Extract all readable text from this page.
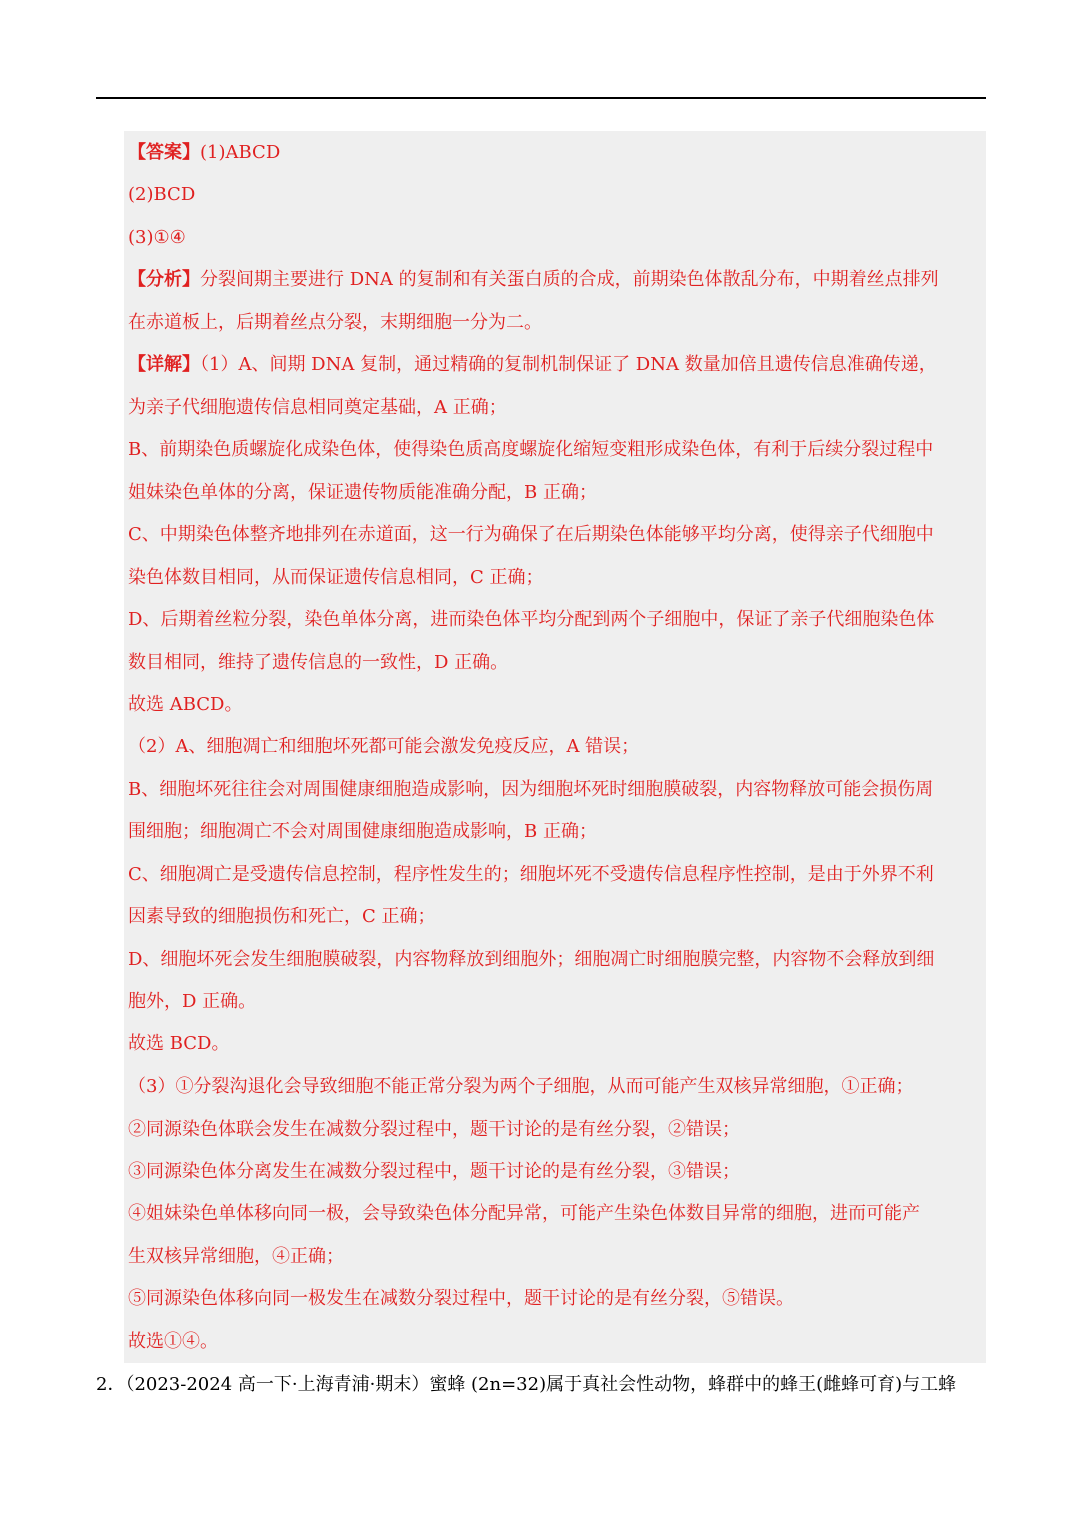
【答案】(1)ABCD
(2)BCD
(3)①④
【分析】分裂间期主要进行 DNA 的复制和有关蛋白质的合成，前期染色体散乱分布，中期着丝点排列
在赤道板上，后期着丝点分裂，末期细胞一分为二。
【详解】（1）A、间期 DNA 复制，通过精确的复制机制保证了 DNA 数量加倍且遗传信息准确传递，
为亲子代细胞遗传信息相同奠定基础，A 正确；
B、前期染色质螺旋化成染色体，使得染色质高度螺旋化缩短变粗形成染色体，有利于后续分裂过程中
姐妹染色单体的分离，保证遗传物质能准确分配，B 正确；
C、中期染色体整齐地排列在赤道面，这一行为确保了在后期染色体能够平均分离，使得亲子代细胞中
染色体数目相同，从而保证遗传信息相同，C 正确；
D、后期着丝粒分裂，染色单体分离，进而染色体平均分配到两个子细胞中，保证了亲子代细胞染色体
数目相同，维持了遗传信息的一致性，D 正确。
故选 ABCD。
（2）A、细胞凋亡和细胞坏死都可能会激发免疫反应，A 错误；
B、细胞坏死往往会对周围健康细胞造成影响，因为细胞坏死时细胞膜破裂，内容物释放可能会损伤周
围细胞；细胞凋亡不会对周围健康细胞造成影响，B 正确；
C、细胞凋亡是受遗传信息控制，程序性发生的；细胞坏死不受遗传信息程序性控制，是由于外界不利
因素导致的细胞损伤和死亡，C 正确；
D、细胞坏死会发生细胞膜破裂，内容物释放到细胞外；细胞凋亡时细胞膜完整，内容物不会释放到细
胞外，D 正确。
故选 BCD。
（3）①分裂沟退化会导致细胞不能正常分裂为两个子细胞，从而可能产生双核异常细胞，①正确；
②同源染色体联会发生在减数分裂过程中，题干讨论的是有丝分裂，②错误；
③同源染色体分离发生在减数分裂过程中，题干讨论的是有丝分裂，③错误；
④姐妹染色单体移向同一极，会导致染色体分配异常，可能产生染色体数目异常的细胞，进而可能产
生双核异常细胞，④正确；
⑤同源染色体移向同一极发生在减数分裂过程中，题干讨论的是有丝分裂，⑤错误。
故选①④。
2．（2023-2024 高一下·上海青浦·期末）蜜蜂 (2n=32)属于真社会性动物，蜂群中的蜂王(雌蜂可育)与工蜂
